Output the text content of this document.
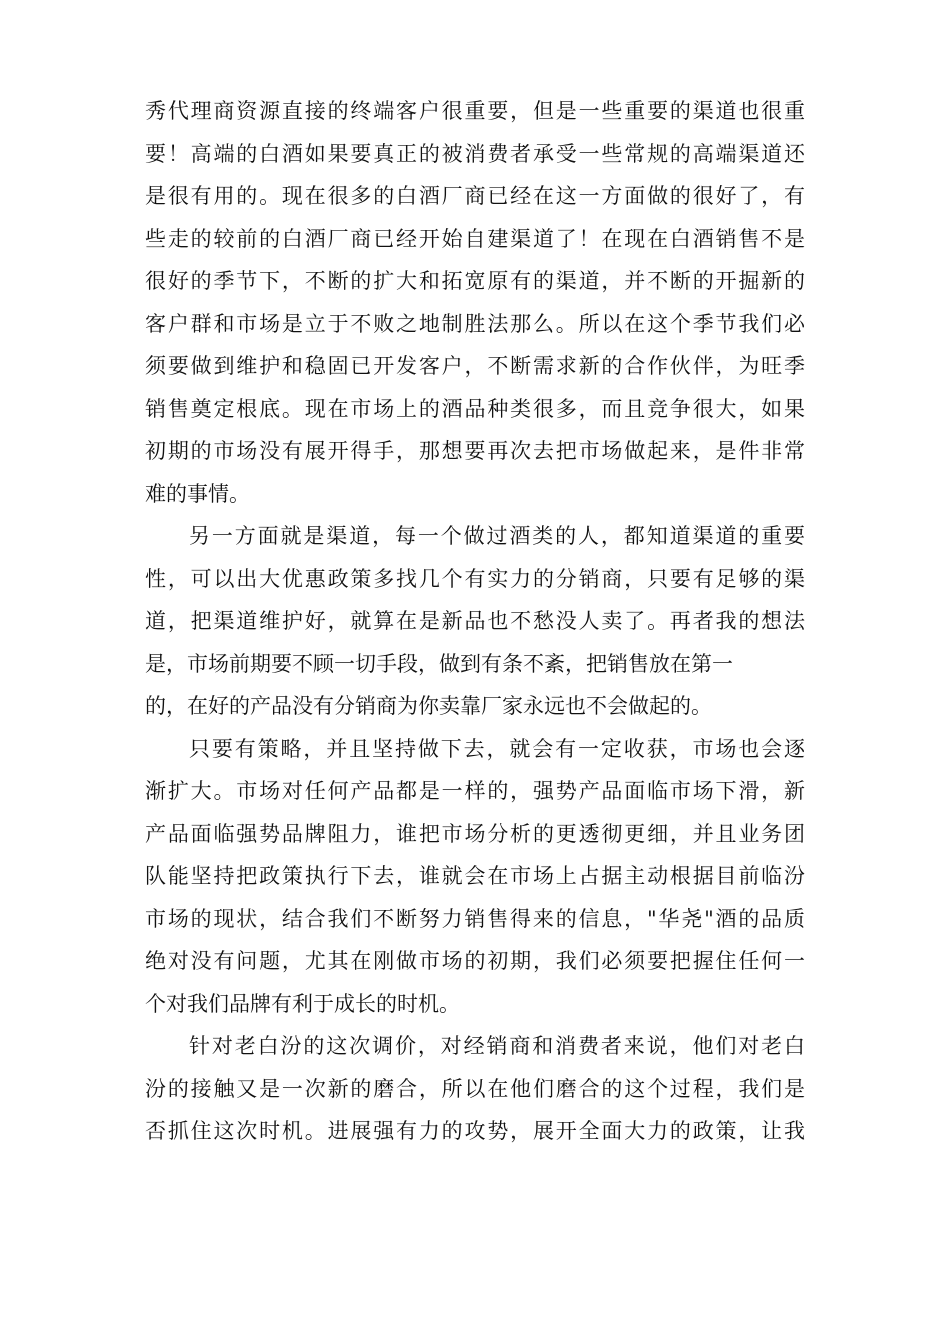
秀代理商资源直接的终端客户很重要，但是一些重要的渠道也很重
要！高端的白酒如果要真正的被消费者承受一些常规的高端渠道还
是很有用的。现在很多的白酒厂商已经在这一方面做的很好了，有
些走的较前的白酒厂商已经开始自建渠道了！在现在白酒销售不是
很好的季节下，不断的扩大和拓宽原有的渠道，并不断的开掘新的
客户群和市场是立于不败之地制胜法那么。所以在这个季节我们必
须要做到维护和稳固已开发客户，不断需求新的合作伙伴，为旺季
销售奠定根底。现在市场上的酒品种类很多，而且竞争很大，如果
初期的市场没有展开得手，那想要再次去把市场做起来，是件非常
难的事情。
另一方面就是渠道，每一个做过酒类的人，都知道渠道的重要
性，可以出大优惠政策多找几个有实力的分销商，只要有足够的渠
道，把渠道维护好，就算在是新品也不愁没人卖了。再者我的想法
是，市场前期要不顾一切手段，做到有条不紊，把销售放在第一
的，在好的产品没有分销商为你卖靠厂家永远也不会做起的。
只要有策略，并且坚持做下去，就会有一定收获，市场也会逐
渐扩大。市场对任何产品都是一样的，强势产品面临市场下滑，新
产品面临强势品牌阻力，谁把市场分析的更透彻更细，并且业务团
队能坚持把政策执行下去，谁就会在市场上占据主动根据目前临汾
市场的现状，结合我们不断努力销售得来的信息，"华尧"酒的品质
绝对没有问题，尤其在刚做市场的初期，我们必须要把握住任何一
个对我们品牌有利于成长的时机。
针对老白汾的这次调价，对经销商和消费者来说，他们对老白
汾的接触又是一次新的磨合，所以在他们磨合的这个过程，我们是
否抓住这次时机。进展强有力的攻势，展开全面大力的政策，让我
